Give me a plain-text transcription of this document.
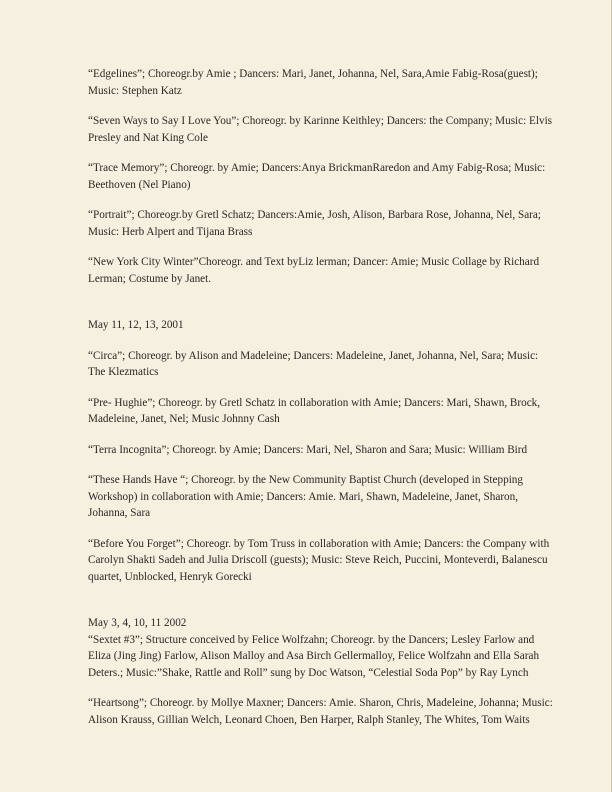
“Edgelines”; Choreogr.by Amie ; Dancers: Mari, Janet, Johanna, Nel, Sara,Amie Fabig-Rosa(guest); Music: Stephen Katz

“Seven Ways to Say I Love You”; Choreogr. by Karinne Keithley; Dancers: the Company; Music: Elvis Presley and Nat King Cole

“Trace Memory”; Choreogr. by Amie; Dancers:Anya BrickmanRaredon and Amy Fabig-Rosa; Music: Beethoven (Nel Piano)

“Portrait”; Choreogr.by Gretl Schatz; Dancers:Amie, Josh, Alison, Barbara Rose, Johanna, Nel, Sara; Music: Herb Alpert and Tijana Brass

“New York City Winter”Choreogr. and Text byLiz lerman; Dancer: Amie; Music Collage by Richard Lerman; Costume by Janet.

May 11, 12, 13, 2001

“Circa”; Choreogr. by Alison and Madeleine; Dancers: Madeleine, Janet, Johanna, Nel, Sara; Music: The Klezmatics

“Pre- Hughie”; Choreogr. by Gretl Schatz in collaboration with Amie; Dancers: Mari, Shawn, Brock, Madeleine, Janet, Nel; Music Johnny Cash

“Terra Incognita”; Choreogr. by Amie; Dancers: Mari, Nel, Sharon and Sara; Music: William Bird

“These Hands Have “; Choreogr. by the New Community Baptist Church (developed in Stepping Workshop) in collaboration with Amie; Dancers: Amie. Mari, Shawn, Madeleine, Janet, Sharon, Johanna, Sara

“Before You Forget”; Choreogr. by Tom Truss in collaboration with Amie; Dancers: the Company with Carolyn Shakti Sadeh and Julia Driscoll (guests); Music: Steve Reich, Puccini, Monteverdi, Balanescu quartet, Unblocked, Henryk Gorecki

May 3, 4, 10, 11 2002

“Sextet #3”; Structure conceived by Felice Wolfzahn; Choreogr. by the Dancers; Lesley Farlow and Eliza (Jing Jing) Farlow, Alison Malloy and Asa Birch Gellermalloy, Felice Wolfzahn and Ella Sarah Deters.; Music:”Shake, Rattle and Roll” sung by Doc Watson, “Celestial Soda Pop” by Ray Lynch

“Heartsong”; Choreogr. by Mollye Maxner; Dancers: Amie. Sharon, Chris, Madeleine, Johanna; Music: Alison Krauss, Gillian Welch, Leonard Choen, Ben Harper, Ralph Stanley, The Whites, Tom Waits
